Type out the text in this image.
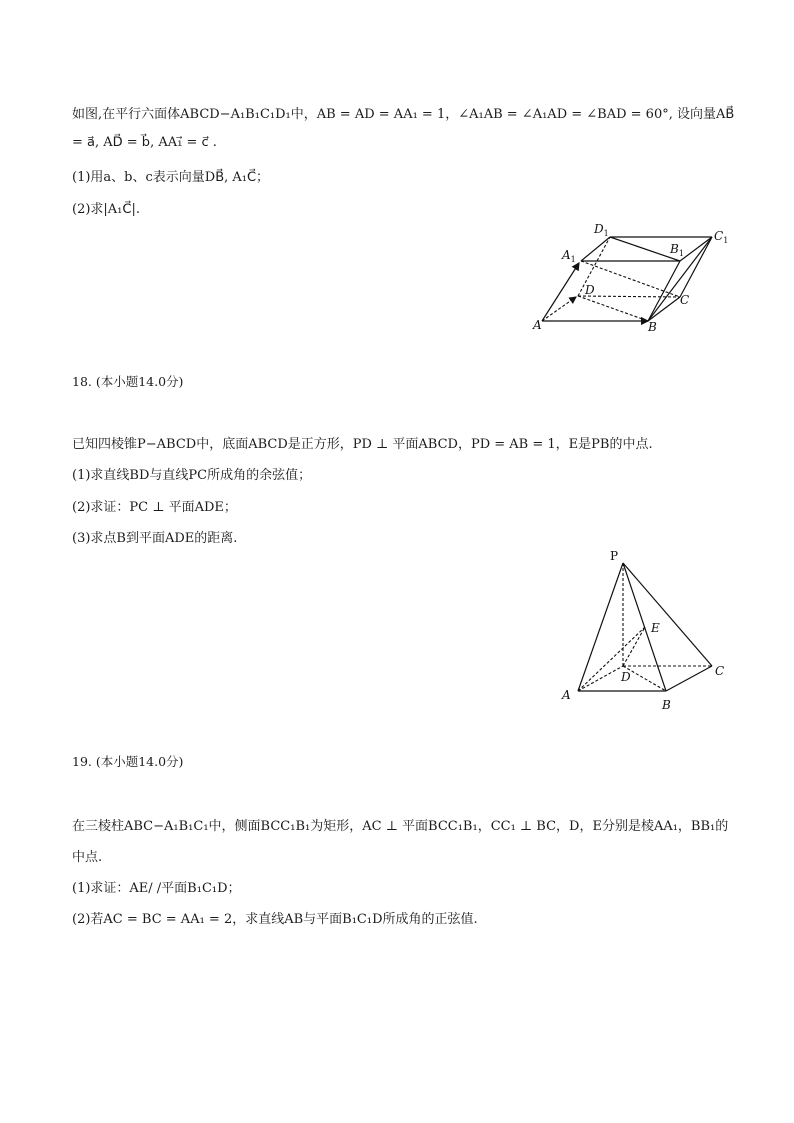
如图,在平行六面体ABCD−A₁B₁C₁D₁中，AB = AD = AA₁ = 1，∠A₁AB = ∠A₁AD = ∠BAD = 60°, 设向量AB⃗
= a⃗, AD⃗ = b⃗, AA₁⃗ = c⃗ .
(1)用a、b、c表示向量DB⃗, A₁C⃗；
(2)求|A₁C⃗|.
A	B
C
D
$A_1$
$B_1$
$C_1$
$D_1$
18. (本小题14.0分)
已知四棱锥P−ABCD中，底面ABCD是正方形，PD ⊥ 平面ABCD，PD = AB = 1，E是PB的中点.
(1)求直线BD与直线PC所成角的余弦值；
(2)求证：PC ⊥ 平面ADE；
(3)求点B到平面ADE的距离.
P
A
B
C
D
E
19. (本小题14.0分)
在三棱柱ABC−A₁B₁C₁中，侧面BCC₁B₁为矩形，AC ⊥ 平面BCC₁B₁，CC₁ ⊥ BC，D，E分别是棱AA₁，BB₁的
中点.
(1)求证：AE/ /平面B₁C₁D；
(2)若AC = BC = AA₁ = 2，求直线AB与平面B₁C₁D所成角的正弦值.
